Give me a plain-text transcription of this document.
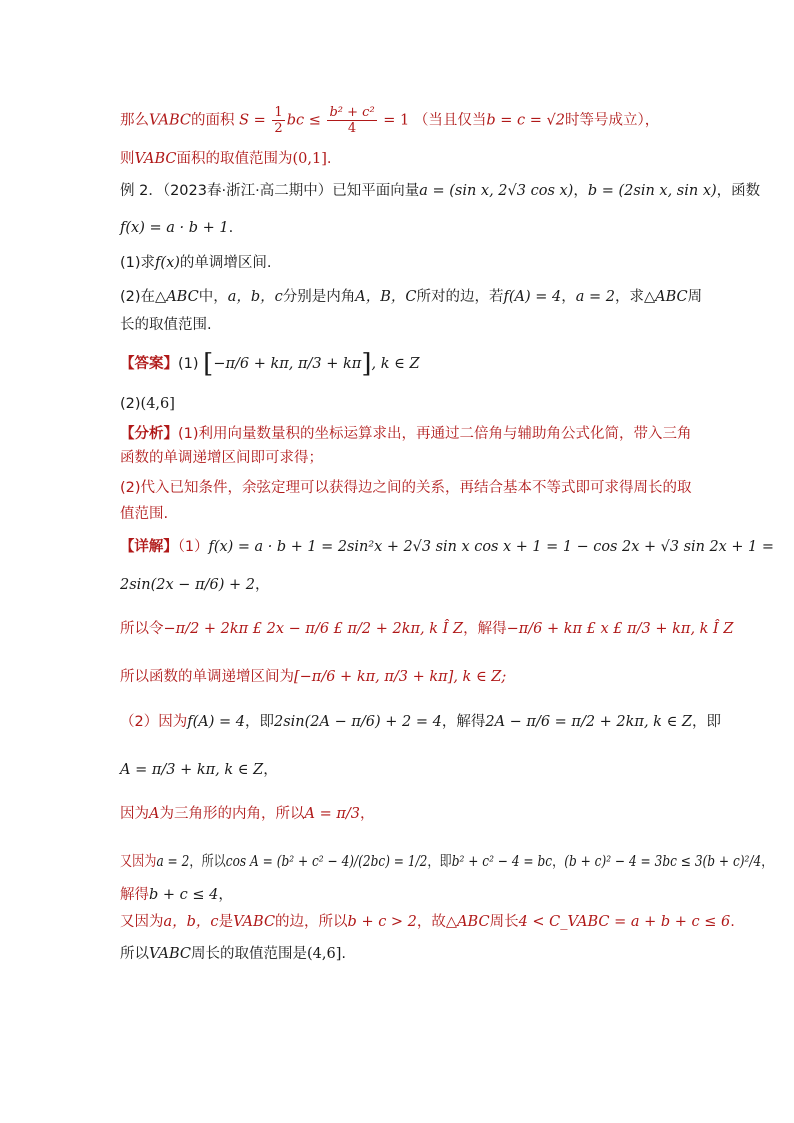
那么VABC的面积 $S = \frac{1}{2}$ bc ≤ $\frac{\text{b² + c²}}{4} = 1$ （当且仅当b = c = √2时等号成立），
则VABC面积的取值范围为(0,1].
例 2．（2023春·浙江·高二期中）已知平面向量a = (sin x, 2√3 cos x)，b = (2sin x, sin x)，函数
f(x) = a · b + 1.
(1)求f(x)的单调增区间.
(2)在△ABC中，a，b，c分别是内角A，B，C所对的边，若f(A) = 4，a = 2，求△ABC周
长的取值范围.
【答案】(1) [−π/6 + kπ, π/3 + kπ], k ∈ Z
(2)(4,6]
【分析】(1)利用向量数量积的坐标运算求出，再通过二倍角与辅助角公式化简，带入三角
函数的单调递增区间即可求得；
(2)代入已知条件，余弦定理可以获得边之间的关系，再结合基本不等式即可求得周长的取
值范围.
【详解】（1）f(x) = a · b + 1 = 2sin²x + 2√3 sin x cos x + 1 = 1 − cos 2x + √3 sin 2x + 1 =
2sin(2x − π/6) + 2，
所以令−π/2 + 2kπ £ 2x − π/6 £ π/2 + 2kπ, k Î Z，解得−π/6 + kπ £ x £ π/3 + kπ, k Î Z
所以函数的单调递增区间为[−π/6 + kπ, π/3 + kπ], k ∈ Z;
（2）因为f(A) = 4，即2sin(2A − π/6) + 2 = 4，解得2A − π/6 = π/2 + 2kπ, k ∈ Z，即
A = π/3 + kπ, k ∈ Z，
因为A为三角形的内角，所以A = π/3，
又因为a = 2，所以cos A = (b² + c² − 4)/(2bc) = 1/2，即b² + c² − 4 = bc，(b + c)² − 4 = 3bc ≤ 3(b + c)²/4，
解得b + c ≤ 4，
又因为a，b，c是VABC的边，所以b + c > 2，故△ABC周长4 < C_VABC = a + b + c ≤ 6.
所以VABC周长的取值范围是(4,6].
